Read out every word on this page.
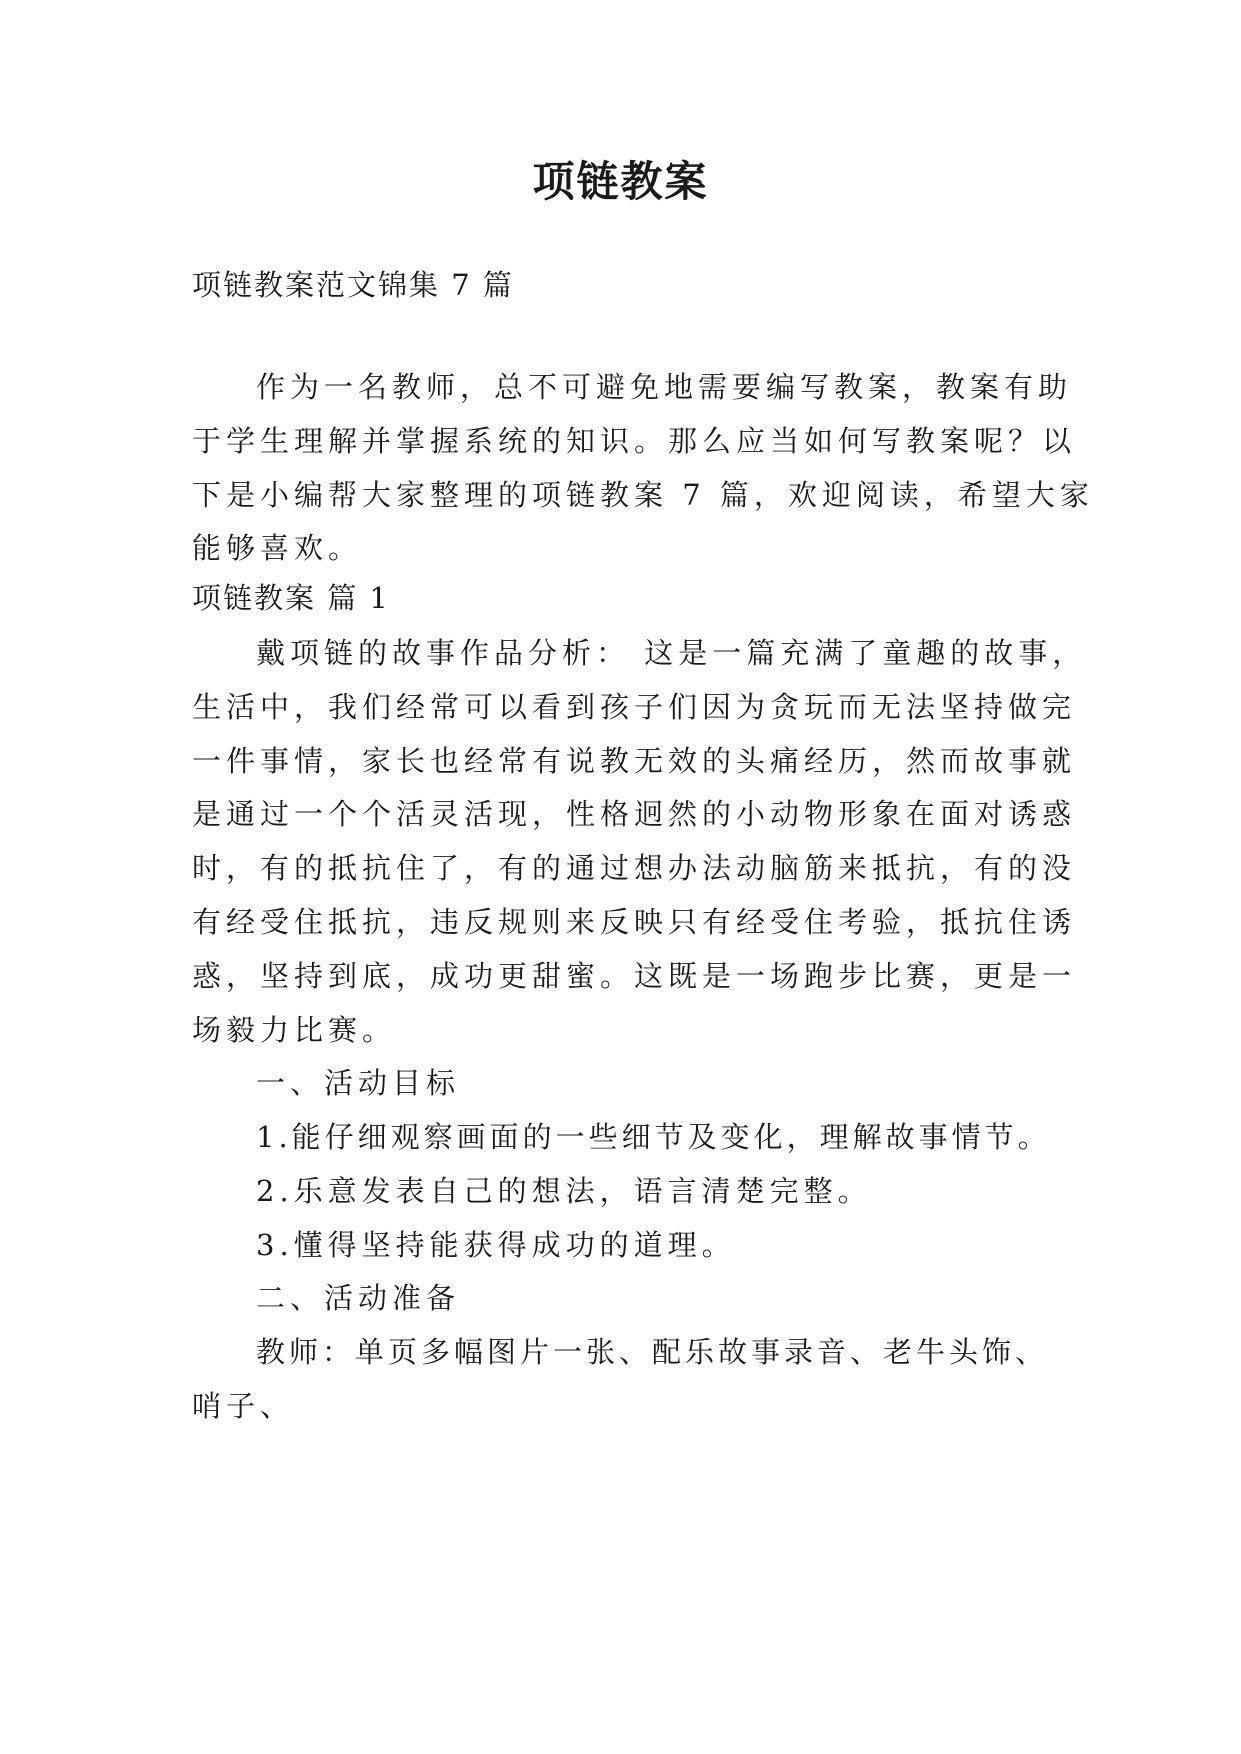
项链教案
项链教案范文锦集 7 篇
作为一名教师，总不可避免地需要编写教案，教案有助
于学生理解并掌握系统的知识。那么应当如何写教案呢？以
下是小编帮大家整理的项链教案 7 篇，欢迎阅读，希望大家
能够喜欢。
项链教案 篇 1
戴项链的故事作品分析： 这是一篇充满了童趣的故事，
生活中，我们经常可以看到孩子们因为贪玩而无法坚持做完
一件事情，家长也经常有说教无效的头痛经历，然而故事就
是通过一个个活灵活现，性格迥然的小动物形象在面对诱惑
时，有的抵抗住了，有的通过想办法动脑筋来抵抗，有的没
有经受住抵抗，违反规则来反映只有经受住考验，抵抗住诱
惑，坚持到底，成功更甜蜜。这既是一场跑步比赛，更是一
场毅力比赛。
一、活动目标
1.能仔细观察画面的一些细节及变化，理解故事情节。
2.乐意发表自己的想法，语言清楚完整。
3.懂得坚持能获得成功的道理。
二、活动准备
教师：单页多幅图片一张、配乐故事录音、老牛头饰、
哨子、
